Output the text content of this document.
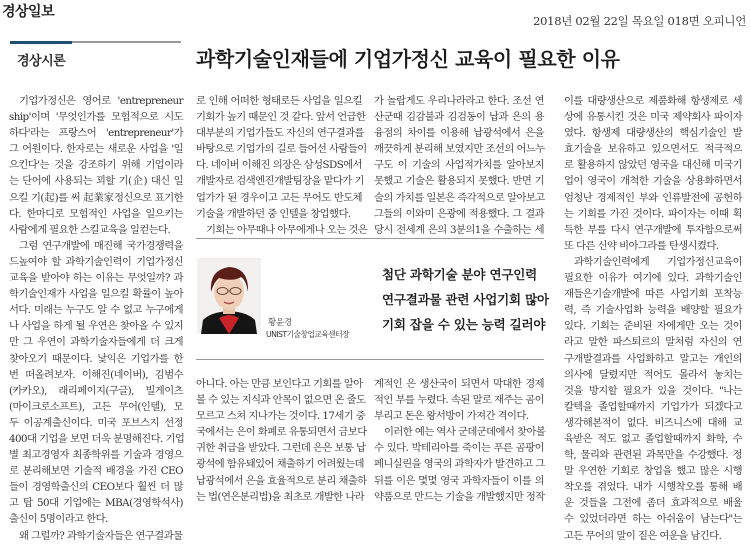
경상일보
2018년 02월 22일 목요일 018면 오피니언
경상시론	과학기술인재들에 기업가정신 교육이 필요한 이유
기업가정신은 영어로 'entrepreneur
ship'이며 '무엇인가를 모험적으로 시도
하다'라는 프랑스어 'entrepreneur'가
그 어원이다. 한자로는 새로운 사업을 '일
으킨다'는 것을 강조하기 위해 기업이라
는 단어에 사용되는 꾀할 기(企) 대신 일
으킬 기(起)를 써 起業家정신으로 표기한
다. 한마디로 모험적인 사업을 일으키는
사람에게 필요한 스킬교육을 일컫는다.
그럼 연구개발에 매진해 국가경쟁력을
드높여야 할 과학기술인력이 기업가정신
교육을 받아야 하는 이유는 무엇일까? 과
학기술인재가 사업을 일으킬 확률이 높아
서다. 미래는 누구도 알 수 없고 누구에게
나 사업을 하게 될 우연은 찾아올 수 있지
만 그 우연이 과학기술자들에게 더 크게
찾아오기 때문이다. 낯익은 기업가를 한
번 떠올려보자. 이해진(네이버), 김범수
(카카오), 래리페이지(구글), 빌게이츠
(마이크로소프트), 고든 무어(인텔), 모
두 이공계출신이다. 미국 포브스지 선정
400대 기업을 보면 더욱 분명해진다. 기업
별 최고경영자 최종학위를 기술과 경영으
로 분리해보면 기술적 배경을 가진 CEO
들이 경영학출신의 CEO보다 훨씬 더 많
고 탑 50대 기업에는 MBA(경영학석사)
출신이 5명이라고 한다.
왜 그럴까? 과학기술자들은 연구결과물
로 인해 어떠한 형태로든 사업을 일으킬
기회가 높기 때문인 것 같다. 앞서 언급한
대부분의 기업가들도 자신의 연구결과를
바탕으로 기업가의 길로 들어선 사람들이
다. 네이버 이해진 의장은 삼성SDS에서
개발자로 검색엔진개발팀장을 맡다가 기
업가가 된 경우이고 고든 무어도 반도체
기술을 개발하던 중 인텔을 창업했다.
기회는 아무때나 아무에게나 오는 것은
가 놀랍게도 우리나라라고 한다. 조선 연
산군때 김감불과 김검동이 납과 은의 용
융점의 차이를 이용해 납광석에서 은을
깨끗하게 분리해 보였지만 조선의 어느누
구도 이 기술의 사업적가치를 알아보지
못했고 기술은 활용되지 못했다. 반면 기
술의 가치를 일본은 즉각적으로 알아보고
그들의 이와미 은광에 적용했다. 그 결과
당시 전세계 은의 3분의1을 수출하는 세
이를 대량생산으로 제품화해 항생제로 세
상에 유통시킨 것은 미국 제약회사 파이자
였다. 항생제 대량생산의 핵심기술인 발
효기술을 보유하고 있으면서도 적극적으
로 활용하지 않았던 영국을 대신해 미국기
업이 영국이 개척한 기술을 상용화하면서
엄청난 경제적인 부와 인류발전에 공헌하
는 기회를 가진 것이다. 파이자는 이때 획
득한 부를 다시 연구개발에 투자함으로써
또 다른 신약 비아그라를 탄생시켰다.
과학기술인력에게 기업가정신교육이
필요한 이유가 여기에 있다. 과학기술인
재들은기술개발에 따른 사업기회 포착능
력, 즉 기술사업화 능력을 배양할 필요가
있다. 기회는 준비된 자에게만 오는 것이
라고 말한 파스퇴르의 말처럼 자신의 연
구개발결과를 사업화하고 말고는 개인의
의사에 달렸지만 적어도 몰라서 놓치는
것을 방지할 필요가 있을 것이다. "나는
칼텍을 졸업할때까지 기업가가 되겠다고
생각해본적이 없다. 비즈니스에 대해 교
육받은 적도 없고 졸업할때까지 화학, 수
학, 물리와 관련된 과목만을 수강했다. 정
말 우연한 기회로 창업을 했고 많은 시행
착오를 겪었다. 내가 시행착오를 통해 배
운 것들을 그전에 좀더 효과적으로 배울
수 있었더라면 하는 아쉬움이 남는다"는
고든 무어의 말이 짙은 여운을 남긴다.
황윤경
UNIST기술창업교육센터장
첨단 과학기술 분야 연구인력
연구결과물 관련 사업기회 많아
기회 잡을 수 있는 능력 길러야
아니다. 아는 만큼 보인다고 기회를 알아
볼 수 있는 지식과 안목이 없으면 온 줄도
모르고 스쳐 지나가는 것이다. 17세기 중
국에서는 은이 화폐로 유통되면서 금보다
귀한 취급을 받았다. 그런데 은은 보통 납
광석에 함유돼있어 채출하기 어려웠는데
납광석에서 은을 효율적으로 분리 채출하
는 법(연은분리법)을 최초로 개발한 나라
계적인 은 생산국이 되면서 막대한 경제
적인 부를 누렸다. 속된 말로 재주는 곰이
부리고 돈은 왕서방이 가져간 격이다.
이러한 예는 역사 군데군데에서 찾아볼
수 있다. 박테리아를 죽이는 푸른 곰팡이
페니실린을 영국의 과학자가 발견하고 그
뒤를 이은 몇몇 영국 과학자들이 이를 의
약품으로 만드는 기술을 개발했지만 정작
